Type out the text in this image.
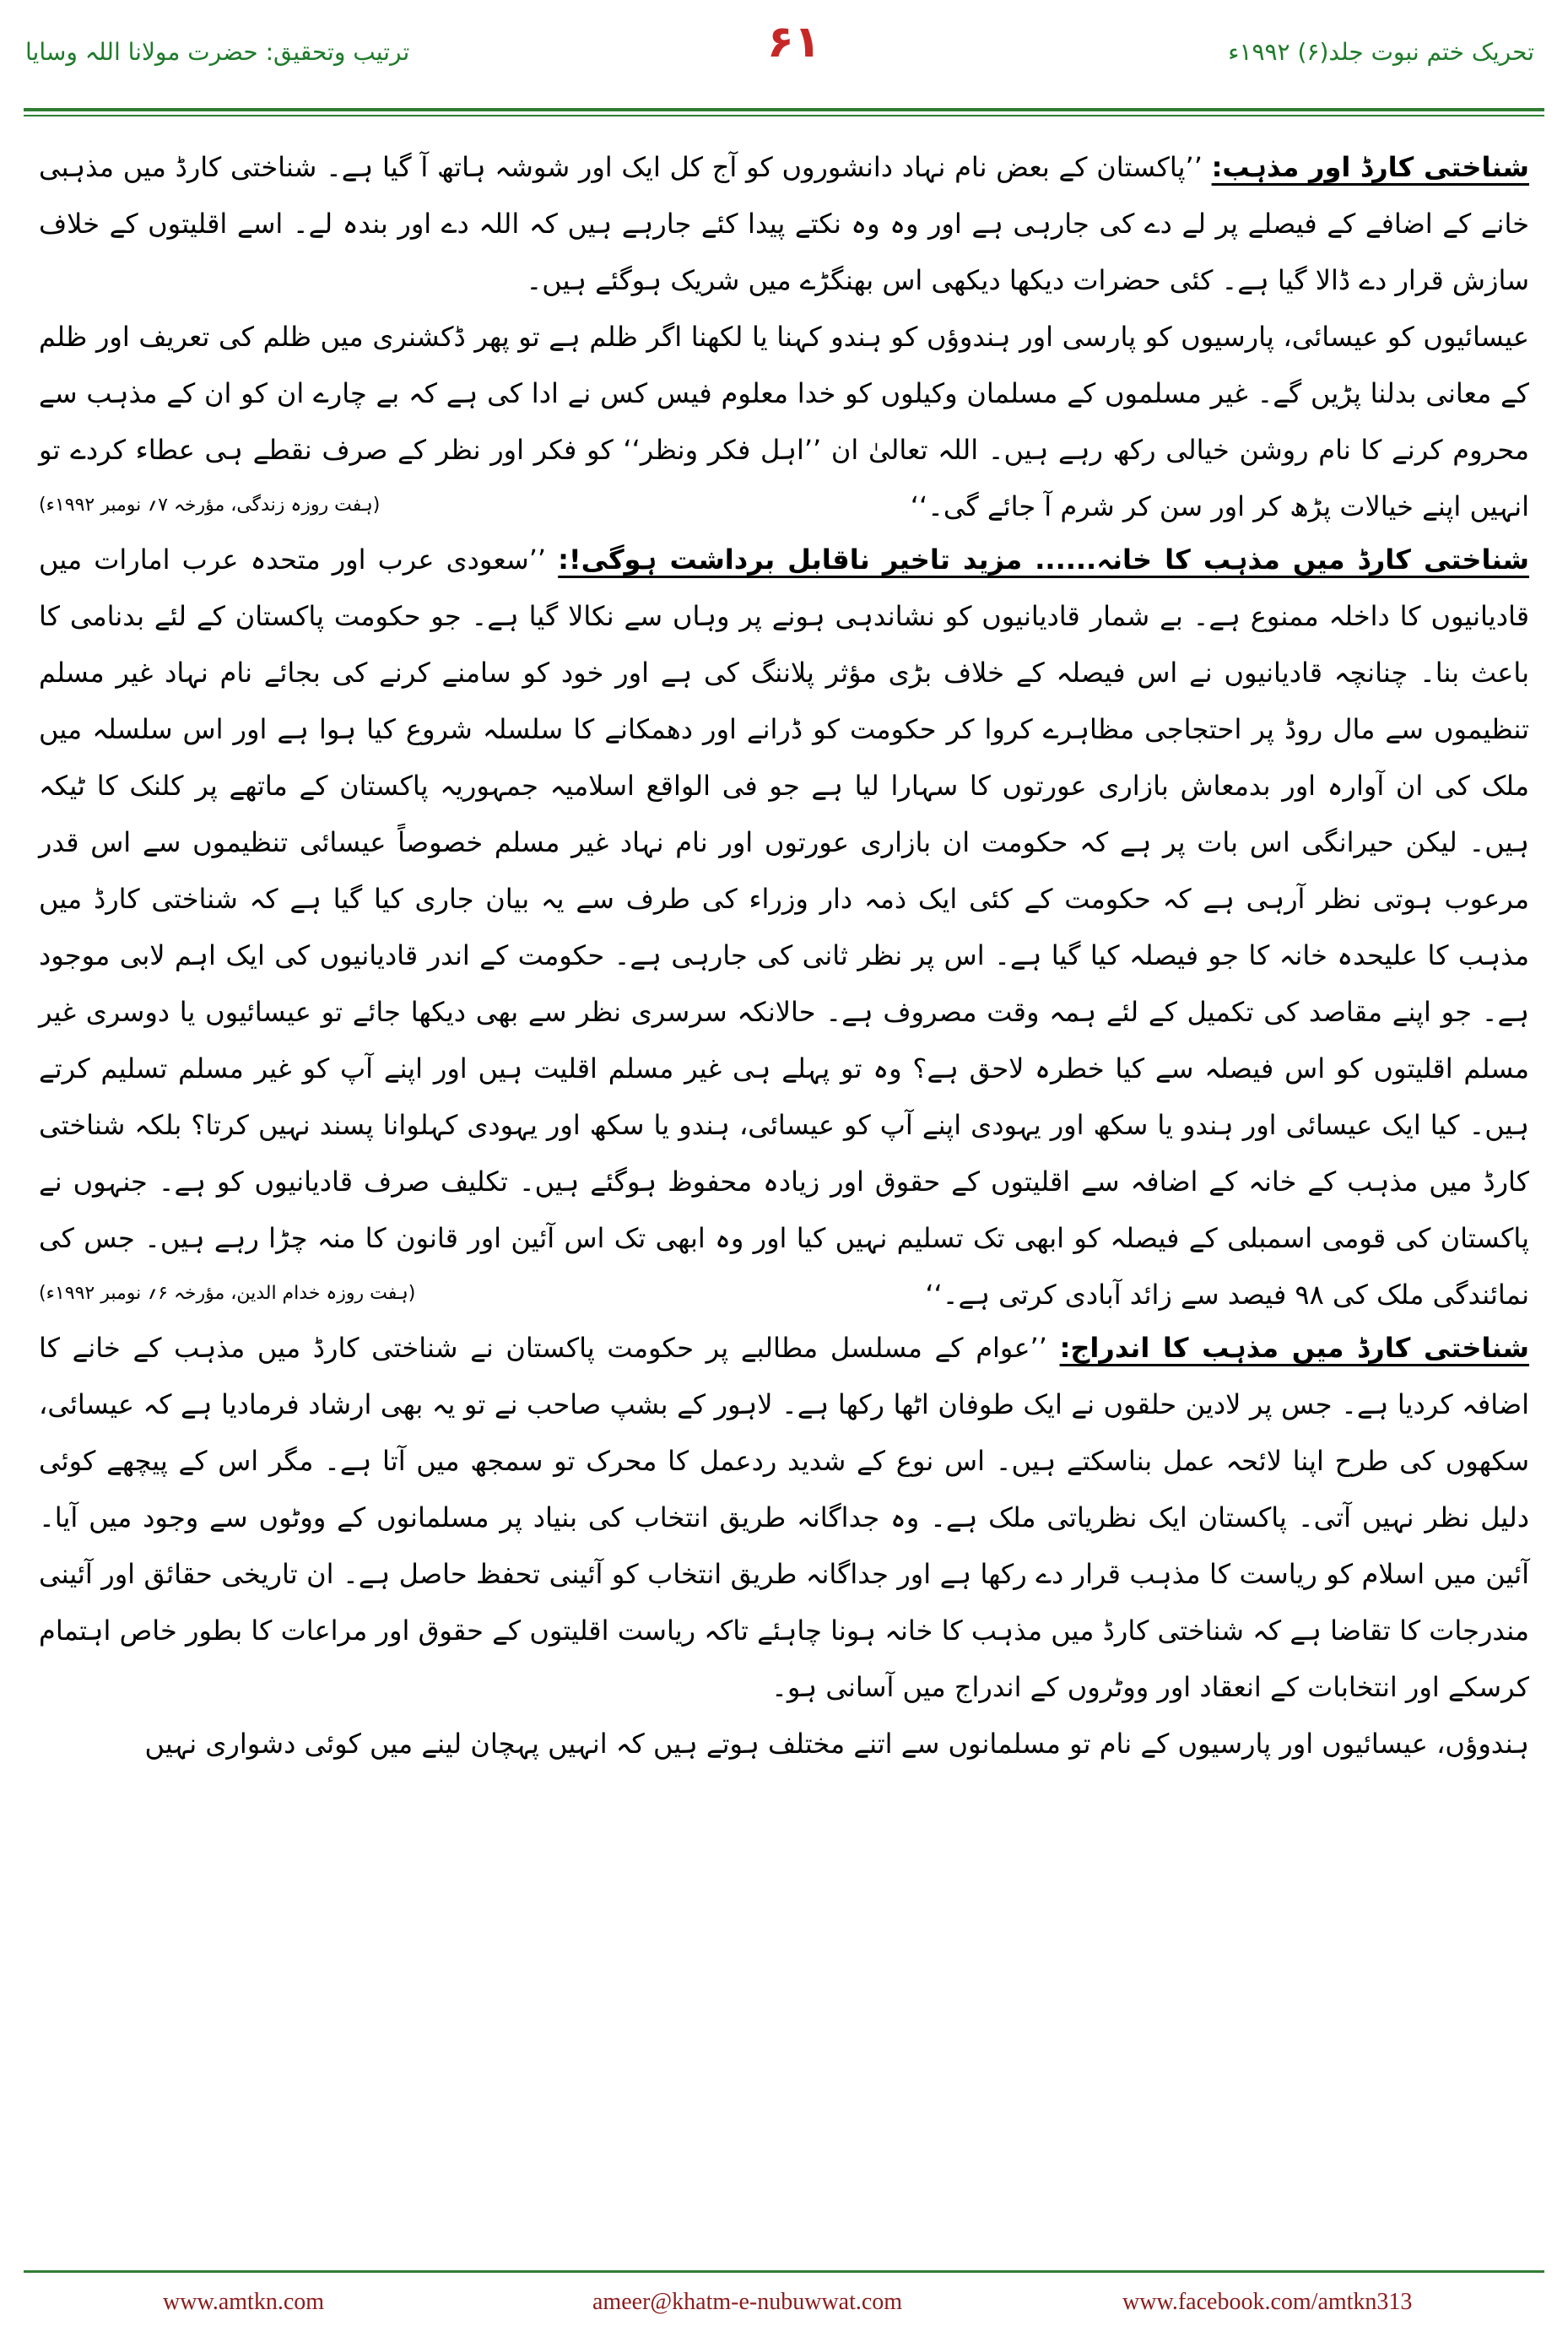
ترتیب وتحقیق: حضرت مولانا اللہ وسایا	۶۱	تحریک ختم نبوت جلد(۶) ۱۹۹۲ء

شناختی کارڈ اور مذہب: ’’پاکستان کے بعض نام نہاد دانشوروں کو آج کل ایک اور شوشہ ہاتھ آ گیا ہے۔ شناختی کارڈ میں مذہبی خانے کے اضافے کے فیصلے پر لے دے کی جارہی ہے اور وہ وہ نکتے پیدا کئے جارہے ہیں کہ اللہ دے اور بندہ لے۔ اسے اقلیتوں کے خلاف سازش قرار دے ڈالا گیا ہے۔ کئی حضرات دیکھا دیکھی اس بھنگڑے میں شریک ہوگئے ہیں۔

عیسائیوں کو عیسائی، پارسیوں کو پارسی اور ہندوؤں کو ہندو کہنا یا لکھنا اگر ظلم ہے تو پھر ڈکشنری میں ظلم کی تعریف اور ظلم کے معانی بدلنا پڑیں گے۔ غیر مسلموں کے مسلمان وکیلوں کو خدا معلوم فیس کس نے ادا کی ہے کہ بے چارے ان کو ان کے مذہب سے محروم کرنے کا نام روشن خیالی رکھ رہے ہیں۔ اللہ تعالیٰ ان ’’اہل فکر ونظر‘‘ کو فکر اور نظر کے صرف نقطے ہی عطاء کردے تو انہیں اپنے خیالات پڑھ کر اور سن کر شرم آ جائے گی۔‘‘

(ہفت روزہ زندگی، مؤرخہ ۷؍ نومبر ۱۹۹۲ء)

شناختی کارڈ میں مذہب کا خانہ...... مزید تاخیر ناقابل برداشت ہوگی!: ’’سعودی عرب اور متحدہ عرب امارات میں قادیانیوں کا داخلہ ممنوع ہے۔ بے شمار قادیانیوں کو نشاندہی ہونے پر وہاں سے نکالا گیا ہے۔ جو حکومت پاکستان کے لئے بدنامی کا باعث بنا۔ چنانچہ قادیانیوں نے اس فیصلہ کے خلاف بڑی مؤثر پلاننگ کی ہے اور خود کو سامنے کرنے کی بجائے نام نہاد غیر مسلم تنظیموں سے مال روڈ پر احتجاجی مظاہرے کروا کر حکومت کو ڈرانے اور دھمکانے کا سلسلہ شروع کیا ہوا ہے اور اس سلسلہ میں ملک کی ان آوارہ اور بدمعاش بازاری عورتوں کا سہارا لیا ہے جو فی الواقع اسلامیہ جمہوریہ پاکستان کے ماتھے پر کلنک کا ٹیکہ ہیں۔ لیکن حیرانگی اس بات پر ہے کہ حکومت ان بازاری عورتوں اور نام نہاد غیر مسلم خصوصاً عیسائی تنظیموں سے اس قدر مرعوب ہوتی نظر آرہی ہے کہ حکومت کے کئی ایک ذمہ دار وزراء کی طرف سے یہ بیان جاری کیا گیا ہے کہ شناختی کارڈ میں مذہب کا علیحدہ خانہ کا جو فیصلہ کیا گیا ہے۔ اس پر نظر ثانی کی جارہی ہے۔ حکومت کے اندر قادیانیوں کی ایک اہم لابی موجود ہے۔ جو اپنے مقاصد کی تکمیل کے لئے ہمہ وقت مصروف ہے۔ حالانکہ سرسری نظر سے بھی دیکھا جائے تو عیسائیوں یا دوسری غیر مسلم اقلیتوں کو اس فیصلہ سے کیا خطرہ لاحق ہے؟ وہ تو پہلے ہی غیر مسلم اقلیت ہیں اور اپنے آپ کو غیر مسلم تسلیم کرتے ہیں۔ کیا ایک عیسائی اور ہندو یا سکھ اور یہودی اپنے آپ کو عیسائی، ہندو یا سکھ اور یہودی کہلوانا پسند نہیں کرتا؟ بلکہ شناختی کارڈ میں مذہب کے خانہ کے اضافہ سے اقلیتوں کے حقوق اور زیادہ محفوظ ہوگئے ہیں۔ تکلیف صرف قادیانیوں کو ہے۔ جنہوں نے پاکستان کی قومی اسمبلی کے فیصلہ کو ابھی تک تسلیم نہیں کیا اور وہ ابھی تک اس آئین اور قانون کا منہ چڑا رہے ہیں۔ جس کی نمائندگی ملک کی ۹۸ فیصد سے زائد آبادی کرتی ہے۔‘‘

(ہفت روزہ خدام الدین، مؤرخہ ۶؍ نومبر ۱۹۹۲ء)

شناختی کارڈ میں مذہب کا اندراج: ’’عوام کے مسلسل مطالبے پر حکومت پاکستان نے شناختی کارڈ میں مذہب کے خانے کا اضافہ کردیا ہے۔ جس پر لادین حلقوں نے ایک طوفان اٹھا رکھا ہے۔ لاہور کے بشپ صاحب نے تو یہ بھی ارشاد فرمادیا ہے کہ عیسائی، سکھوں کی طرح اپنا لائحہ عمل بناسکتے ہیں۔ اس نوع کے شدید ردعمل کا محرک تو سمجھ میں آتا ہے۔ مگر اس کے پیچھے کوئی دلیل نظر نہیں آتی۔ پاکستان ایک نظریاتی ملک ہے۔ وہ جداگانہ طریق انتخاب کی بنیاد پر مسلمانوں کے ووٹوں سے وجود میں آیا۔ آئین میں اسلام کو ریاست کا مذہب قرار دے رکھا ہے اور جداگانہ طریق انتخاب کو آئینی تحفظ حاصل ہے۔ ان تاریخی حقائق اور آئینی مندرجات کا تقاضا ہے کہ شناختی کارڈ میں مذہب کا خانہ ہونا چاہئے تاکہ ریاست اقلیتوں کے حقوق اور مراعات کا بطور خاص اہتمام کرسکے اور انتخابات کے انعقاد اور ووٹروں کے اندراج میں آسانی ہو۔

ہندوؤں، عیسائیوں اور پارسیوں کے نام تو مسلمانوں سے اتنے مختلف ہوتے ہیں کہ انہیں پہچان لینے میں کوئی دشواری نہیں

www.amtkn.com	ameer@khatm-e-nubuwwat.com	www.facebook.com/amtkn313
